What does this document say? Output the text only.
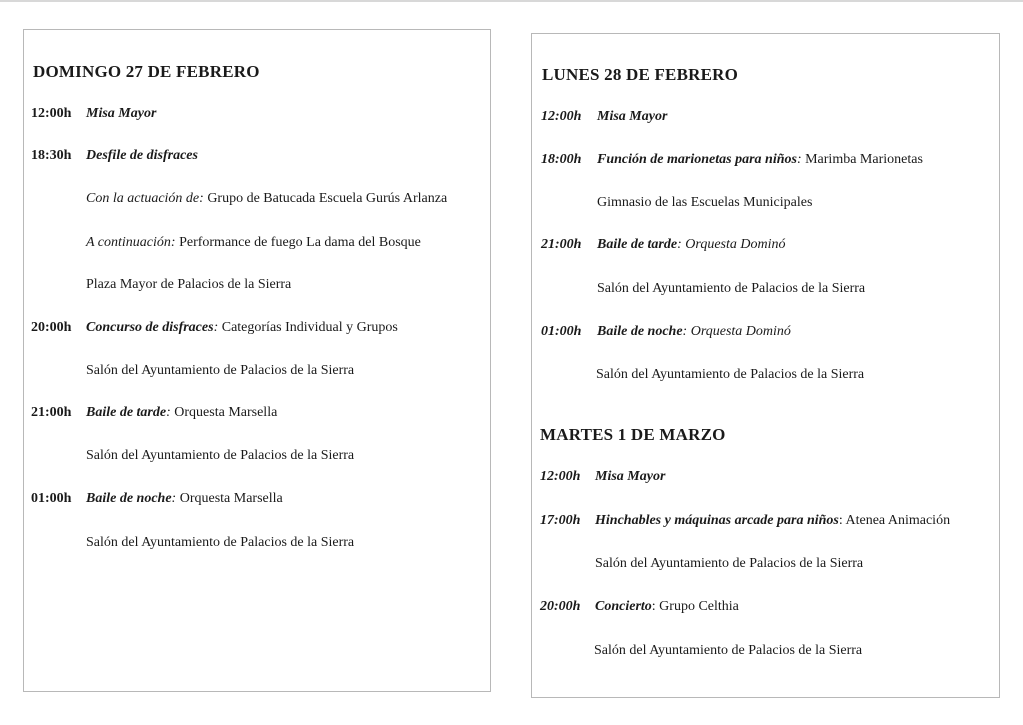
DOMINGO 27 DE FEBRERO
12:00h Misa Mayor
18:30h Desfile de disfraces
Con la actuación de: Grupo de Batucada Escuela Gurús Arlanza
A continuación: Performance de fuego La dama del Bosque
Plaza Mayor de Palacios de la Sierra
20:00h Concurso de disfraces: Categorías Individual y Grupos
Salón del Ayuntamiento de Palacios de la Sierra
21:00h Baile de tarde: Orquesta Marsella
Salón del Ayuntamiento de Palacios de la Sierra
01:00h Baile de noche: Orquesta Marsella
Salón del Ayuntamiento de Palacios de la Sierra
LUNES 28 DE FEBRERO
12:00h Misa Mayor
18:00h Función de marionetas para niños: Marimba Marionetas
Gimnasio de las Escuelas Municipales
21:00h Baile de tarde: Orquesta Dominó
Salón del Ayuntamiento de Palacios de la Sierra
01:00h Baile de noche: Orquesta Dominó
Salón del Ayuntamiento de Palacios de la Sierra
MARTES 1 DE MARZO
12:00h Misa Mayor
17:00h Hinchables y máquinas arcade para niños: Atenea Animación
Salón del Ayuntamiento de Palacios de la Sierra
20:00h Concierto: Grupo Celthia
Salón del Ayuntamiento de Palacios de la Sierra
